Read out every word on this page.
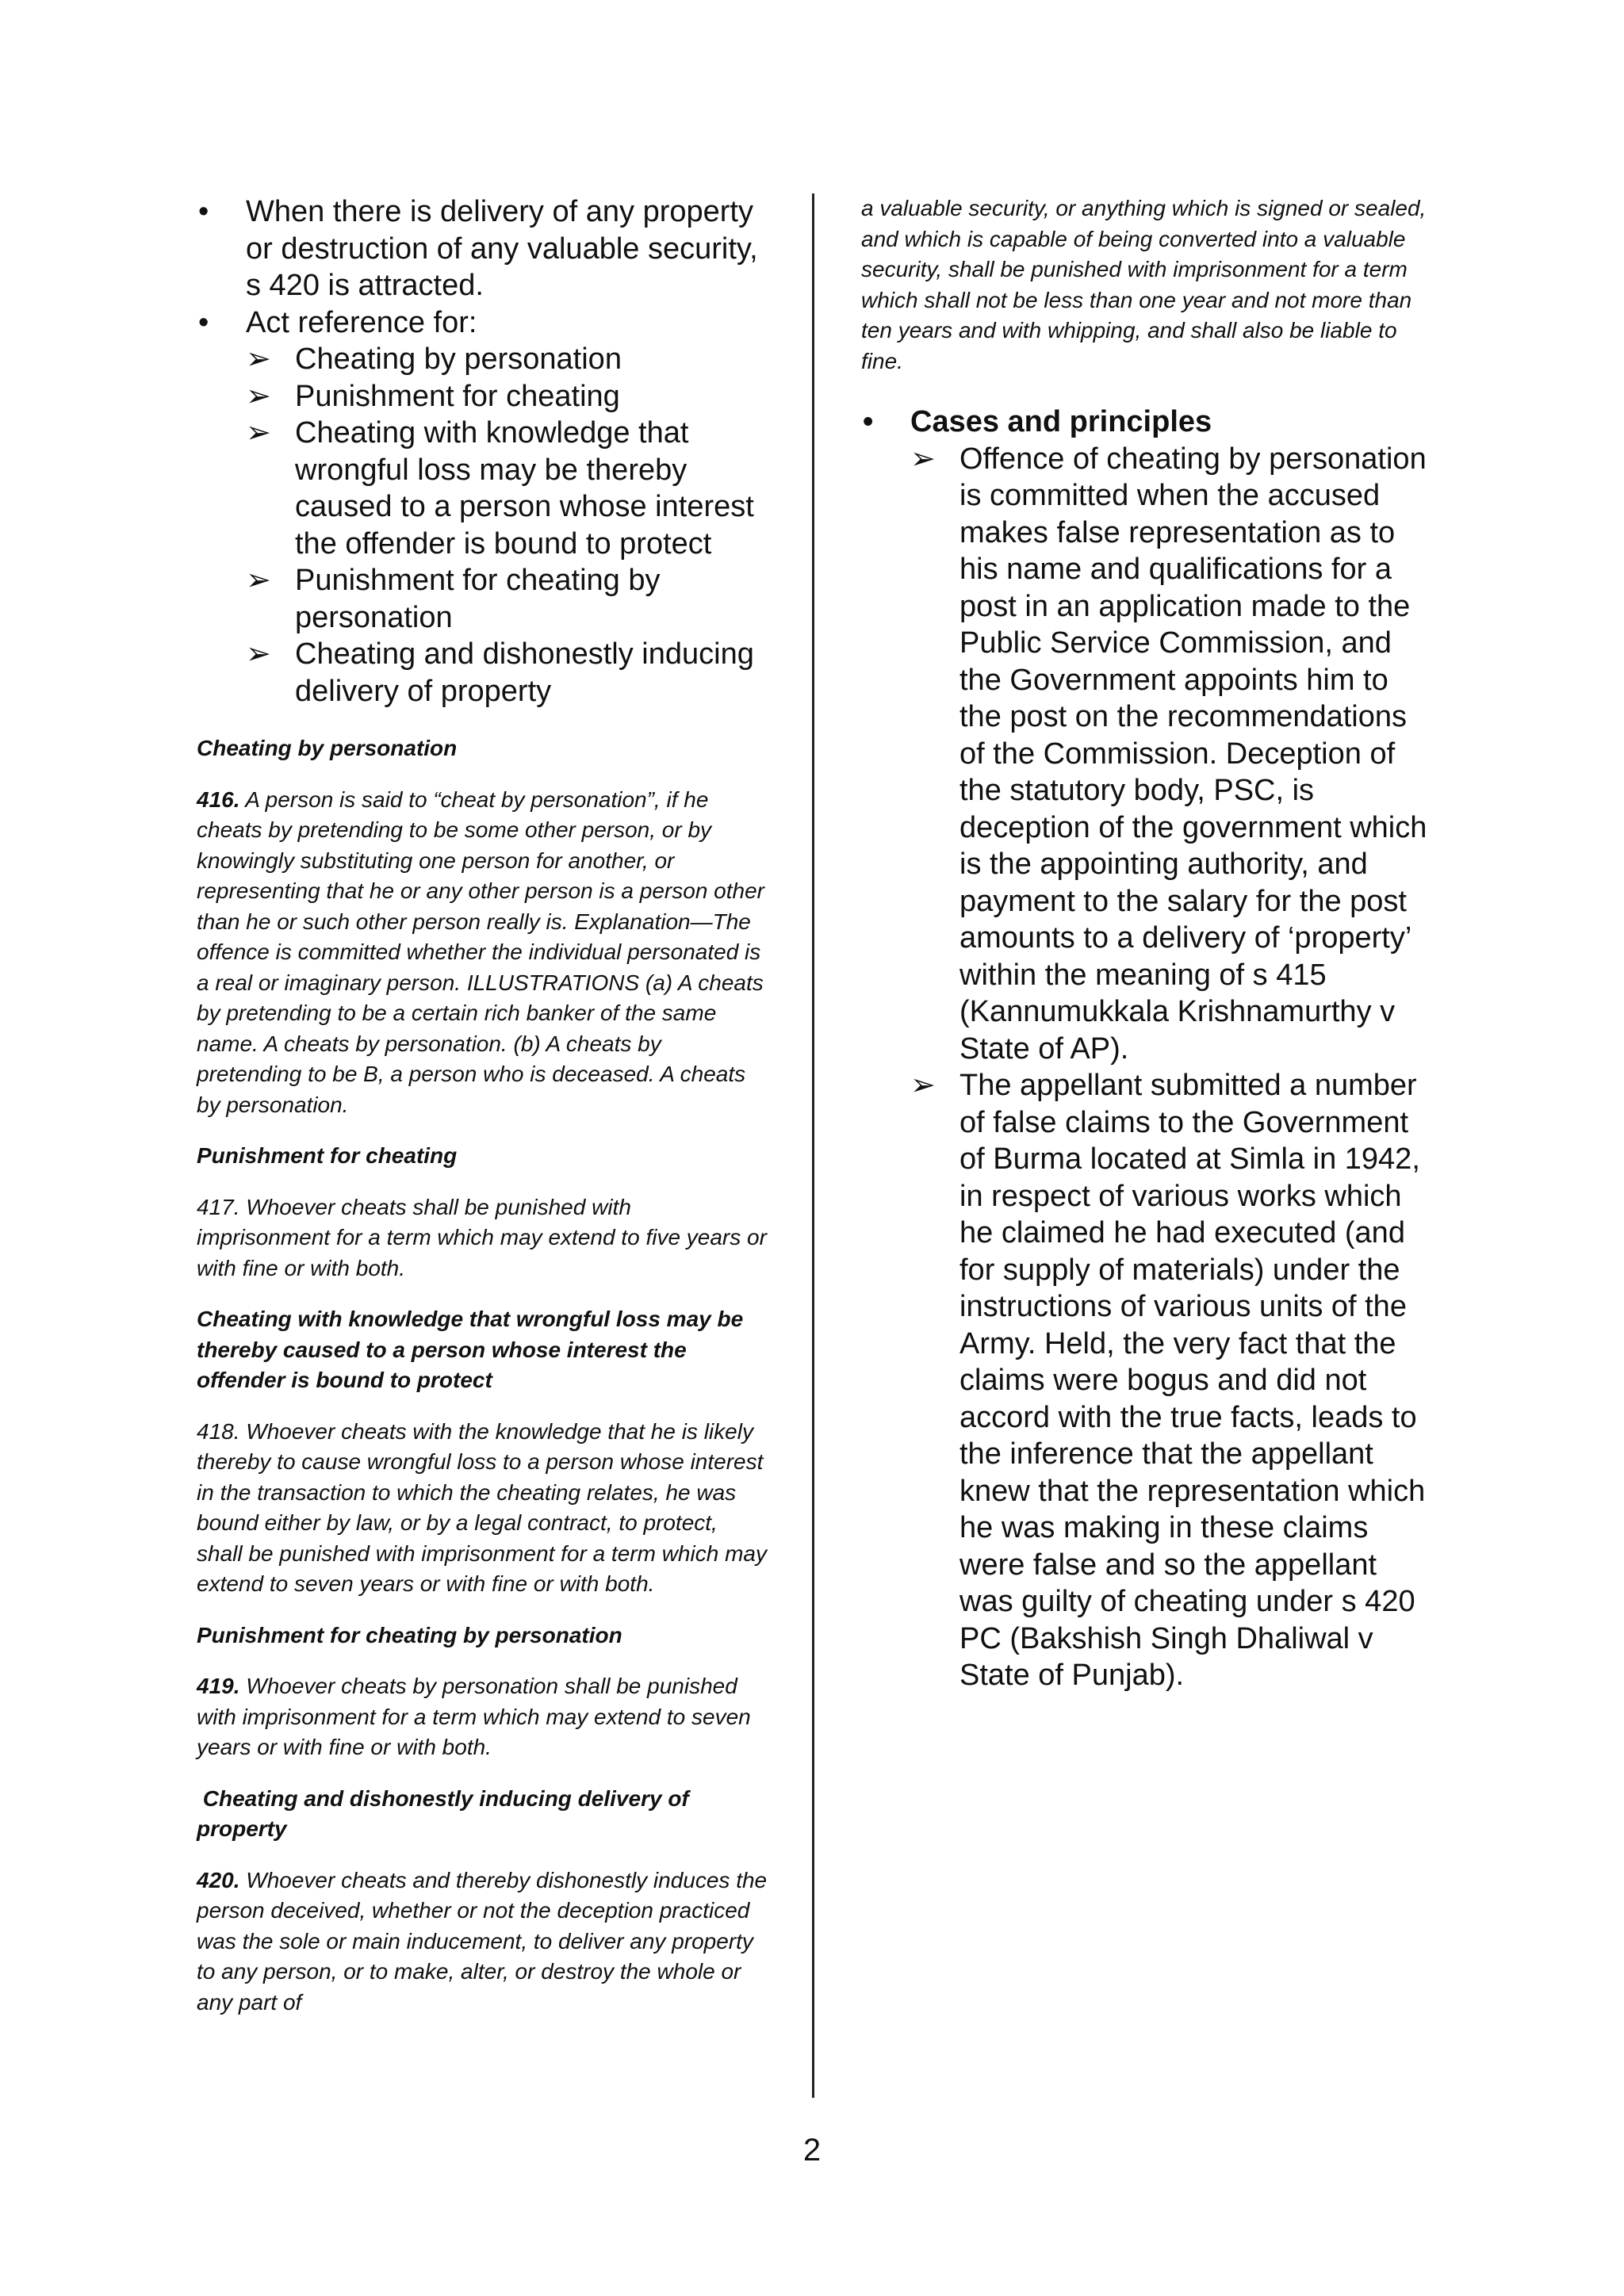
• When there is delivery of any property or destruction of any valuable security, s 420 is attracted.
• Act reference for:
➢ Cheating by personation
➢ Punishment for cheating
➢ Cheating with knowledge that wrongful loss may be thereby caused to a person whose interest the offender is bound to protect
➢ Punishment for cheating by personation
➢ Cheating and dishonestly inducing delivery of property
Cheating by personation
416. A person is said to “cheat by personation”, if he cheats by pretending to be some other person, or by knowingly substituting one person for another, or representing that he or any other person is a person other than he or such other person really is. Explanation—The offence is committed whether the individual personated is a real or imaginary person. ILLUSTRATIONS (a) A cheats by pretending to be a certain rich banker of the same name. A cheats by personation. (b) A cheats by pretending to be B, a person who is deceased. A cheats by personation.
Punishment for cheating
417. Whoever cheats shall be punished with imprisonment for a term which may extend to five years or with fine or with both.
Cheating with knowledge that wrongful loss may be thereby caused to a person whose interest the offender is bound to protect
418. Whoever cheats with the knowledge that he is likely thereby to cause wrongful loss to a person whose interest in the transaction to which the cheating relates, he was bound either by law, or by a legal contract, to protect, shall be punished with imprisonment for a term which may extend to seven years or with fine or with both.
Punishment for cheating by personation
419. Whoever cheats by personation shall be punished with imprisonment for a term which may extend to seven years or with fine or with both.
Cheating and dishonestly inducing delivery of property
420. Whoever cheats and thereby dishonestly induces the person deceived, whether or not the deception practiced was the sole or main inducement, to deliver any property to any person, or to make, alter, or destroy the whole or any part of
a valuable security, or anything which is signed or sealed, and which is capable of being converted into a valuable security, shall be punished with imprisonment for a term which shall not be less than one year and not more than ten years and with whipping, and shall also be liable to fine.
• Cases and principles
➢ Offence of cheating by personation is committed when the accused makes false representation as to his name and qualifications for a post in an application made to the Public Service Commission, and the Government appoints him to the post on the recommendations of the Commission. Deception of the statutory body, PSC, is deception of the government which is the appointing authority, and payment to the salary for the post amounts to a delivery of ‘property’ within the meaning of s 415 (Kannumukkala Krishnamurthy v State of AP).
➢ The appellant submitted a number of false claims to the Government of Burma located at Simla in 1942, in respect of various works which he claimed he had executed (and for supply of materials) under the instructions of various units of the Army. Held, the very fact that the claims were bogus and did not accord with the true facts, leads to the inference that the appellant knew that the representation which he was making in these claims were false and so the appellant was guilty of cheating under s 420 PC (Bakshish Singh Dhaliwal v State of Punjab).
2
